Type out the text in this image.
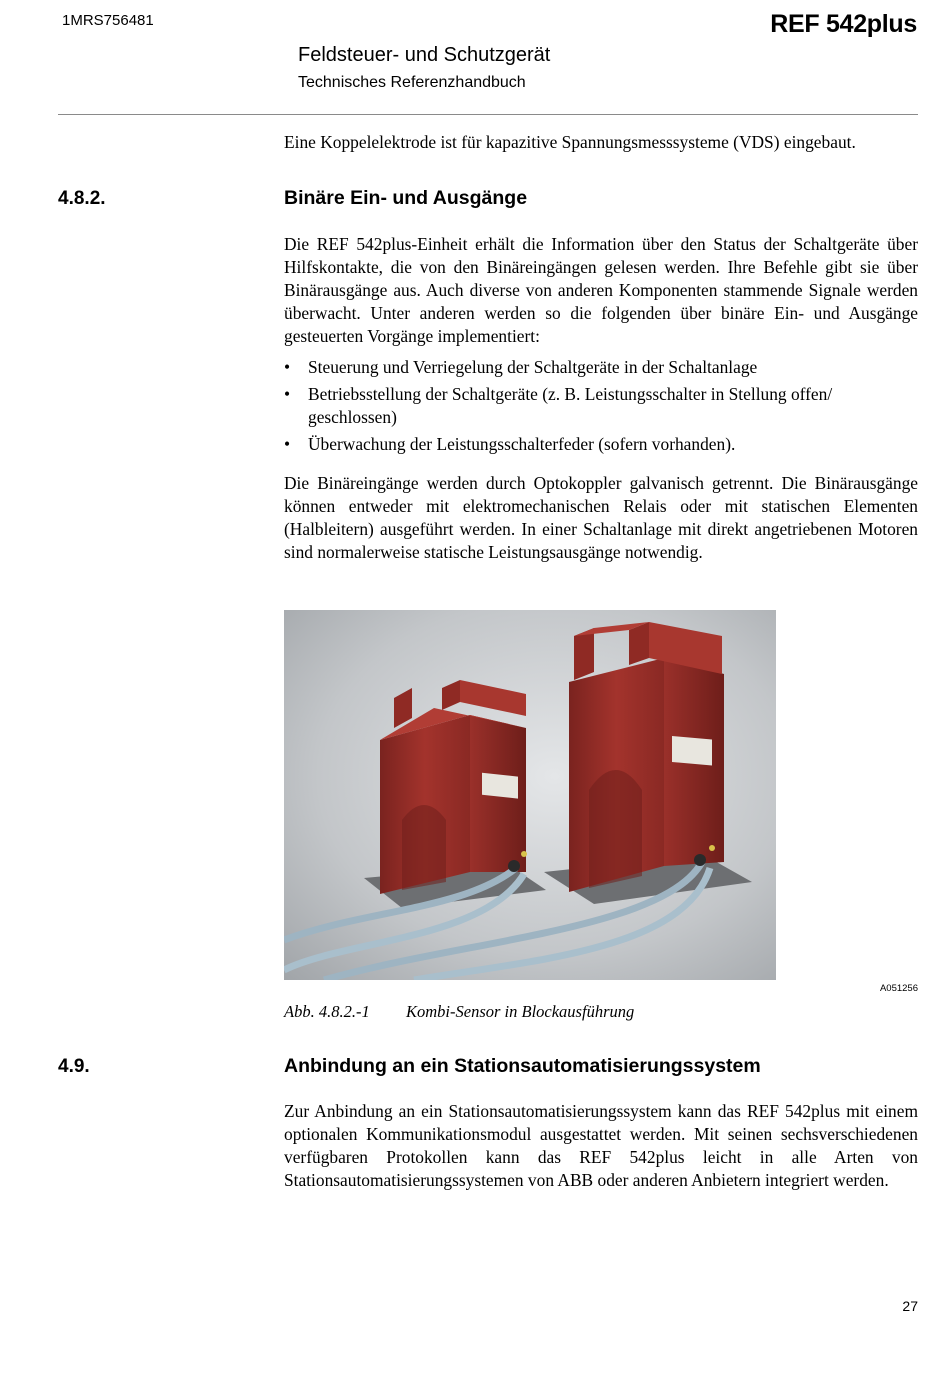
1MRS756481	REF 542plus
Feldsteuer- und Schutzgerät
Technisches Referenzhandbuch
Eine Koppelelektrode ist für kapazitive Spannungsmesssysteme (VDS) eingebaut.
4.8.2.	Binäre Ein- und Ausgänge
Die REF 542plus-Einheit erhält die Information über den Status der Schaltgeräte über Hilfskontakte, die von den Binäreingängen gelesen werden. Ihre Befehle gibt sie über Binärausgänge aus. Auch diverse von anderen Komponenten stammende Signale werden überwacht. Unter anderen werden so die folgenden über binäre Ein- und Ausgänge gesteuerten Vorgänge implementiert:
• Steuerung und Verriegelung der Schaltgeräte in der Schaltanlage
• Betriebsstellung der Schaltgeräte (z. B. Leistungsschalter in Stellung offen/ geschlossen)
• Überwachung der Leistungsschalterfeder (sofern vorhanden).
Die Binäreingänge werden durch Optokoppler galvanisch getrennt. Die Binärausgänge können entweder mit elektromechanischen Relais oder mit statischen Elementen (Halbleitern) ausgeführt werden. In einer Schaltanlage mit direkt angetriebenen Motoren sind normalerweise statische Leistungsausgänge notwendig.
A051256
Abb. 4.8.2.-1 Kombi-Sensor in Blockausführung
4.9.	Anbindung an ein Stationsautomatisierungssystem
Zur Anbindung an ein Stationsautomatisierungssystem kann das REF 542plus mit einem optionalen Kommunikationsmodul ausgestattet werden. Mit seinen sechsverschiedenen verfügbaren Protokollen kann das REF 542plus leicht in alle Arten von Stationsautomatisierungssystemen von ABB oder anderen Anbietern integriert werden.
27
